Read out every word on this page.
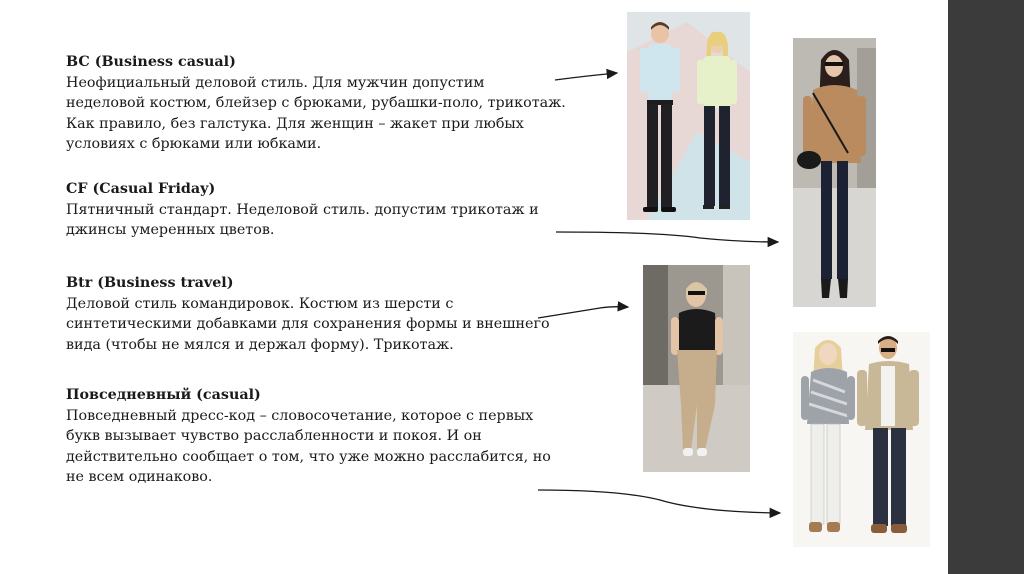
BC (Business casual)
Неофициальный деловой стиль. Для мужчин допустим неделовой костюм, блейзер с брюками, рубашки-поло, трикотаж. Как правило, без галстука. Для женщин – жакет при любых условиях с брюками или юбками.
CF (Casual Friday)
Пятничный стандарт. Неделовой стиль. допустим трикотаж и джинсы умеренных цветов.
Btr (Business travel)
Деловой стиль командировок. Костюм из шерсти с синтетическими добавками для сохранения формы и внешнего вида (чтобы не мялся и держал форму). Трикотаж.
Повседневный (casual)
Повседневный дресс-код – словосочетание, которое с первых букв вызывает чувство расслабленности и покоя. И он действительно сообщает о том, что уже можно расслабится, но не всем одинаково.
